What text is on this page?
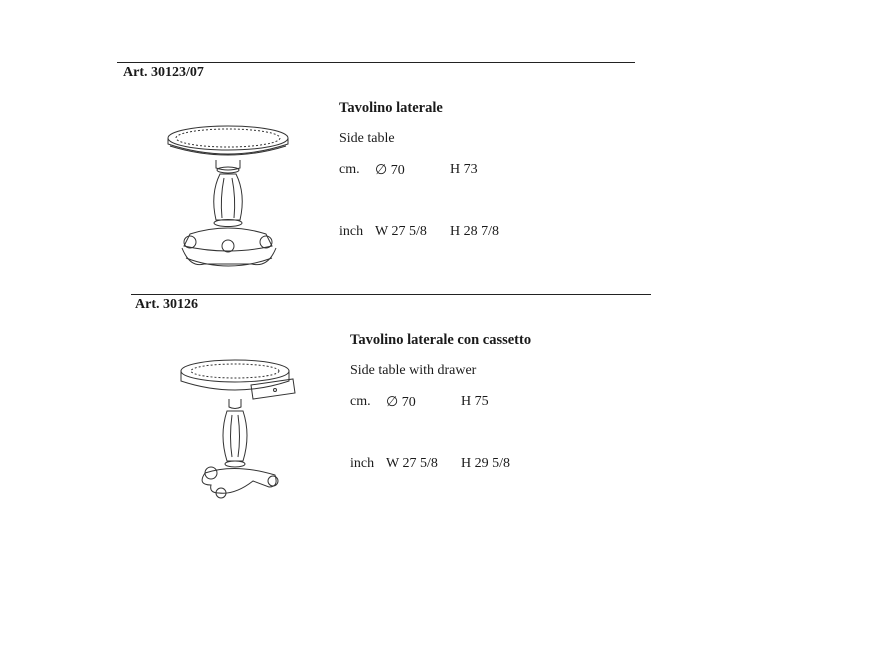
Art. 30123/07
Tavolino laterale
Side table
cm.	∅ 70	H 73
inch W 27 5/8	H 28 7/8
Art. 30126
Tavolino laterale con cassetto
Side table with drawer
cm.	∅ 70	H 75
inch W 27 5/8	H 29 5/8
